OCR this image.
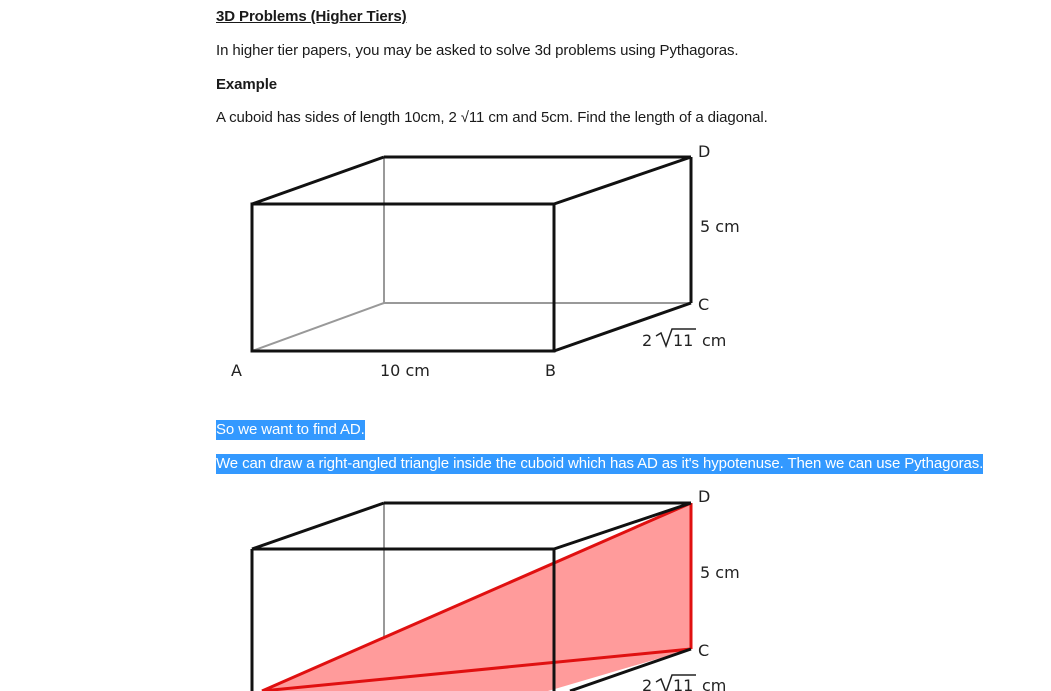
3D Problems (Higher Tiers)
In higher tier papers, you may be asked to solve 3d problems using Pythagoras.
Example
A cuboid has sides of length 10cm, 2 √11 cm and 5cm. Find the length of a diagonal.
D
5 cm
C
2 11 cm
A	10 cm	B
So we want to find AD.
We can draw a right-angled triangle inside the cuboid which has AD as it's hypotenuse. Then we can use Pythagoras.
D
5 cm
C
2 11 cm
